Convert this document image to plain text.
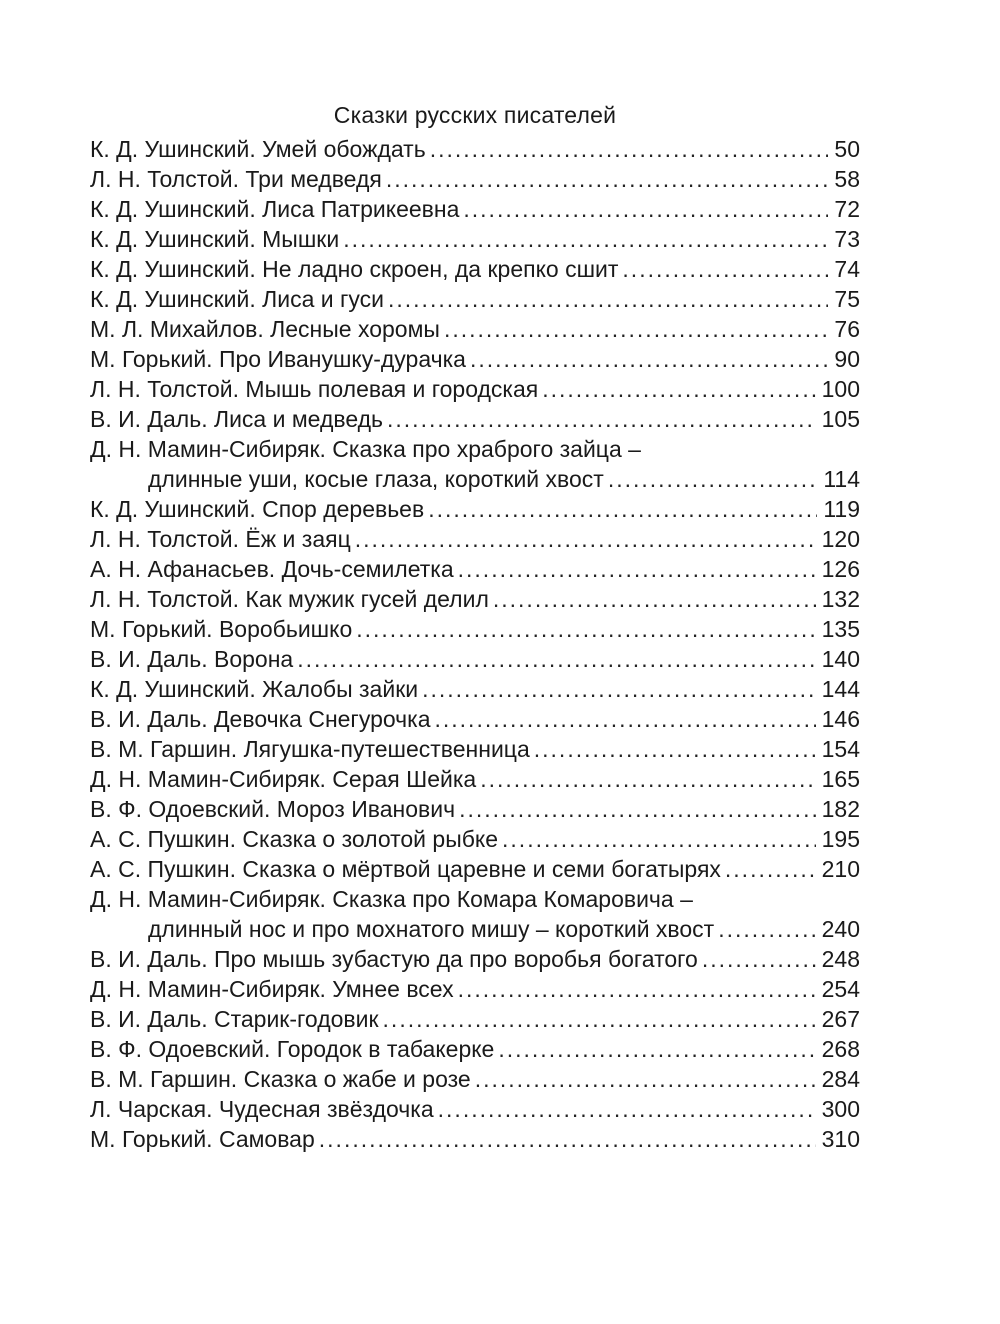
Сказки русских писателей
К. Д. Ушинский. Умей обождать .....	50
Л. Н. Толстой. Три медведя .....	58
К. Д. Ушинский. Лиса Патрикеевна .....	72
К. Д. Ушинский. Мышки .....	73
К. Д. Ушинский. Не ладно скроен, да крепко сшит .....	74
К. Д. Ушинский. Лиса и гуси .....	75
М. Л. Михайлов. Лесные хоромы .....	76
М. Горький. Про Иванушку-дурачка .....	90
Л. Н. Толстой. Мышь полевая и городская .....	100
В. И. Даль. Лиса и медведь .....	105
Д. Н. Мамин-Сибиряк. Сказка про храброго зайца –
длинные уши, косые глаза, короткий хвост .....	114
К. Д. Ушинский. Спор деревьев .....	119
Л. Н. Толстой. Ёж и заяц .....	120
А. Н. Афанасьев. Дочь-семилетка .....	126
Л. Н. Толстой. Как мужик гусей делил .....	132
М. Горький. Воробьишко .....	135
В. И. Даль. Ворона .....	140
К. Д. Ушинский. Жалобы зайки .....	144
В. И. Даль. Девочка Снегурочка .....	146
В. М. Гаршин. Лягушка-путешественница .....	154
Д. Н. Мамин-Сибиряк. Серая Шейка .....	165
В. Ф. Одоевский. Мороз Иванович .....	182
А. С. Пушкин. Сказка о золотой рыбке .....	195
А. С. Пушкин. Сказка о мёртвой царевне и семи богатырях .....	210
Д. Н. Мамин-Сибиряк. Сказка про Комара Комаровича –
длинный нос и про мохнатого мишу – короткий хвост .....	240
В. И. Даль. Про мышь зубастую да про воробья богатого .....	248
Д. Н. Мамин-Сибиряк. Умнее всех .....	254
В. И. Даль. Старик-годовик .....	267
В. Ф. Одоевский. Городок в табакерке .....	268
В. М. Гаршин. Сказка о жабе и розе .....	284
Л. Чарская. Чудесная звёздочка .....	300
М. Горький. Самовар .....	310
